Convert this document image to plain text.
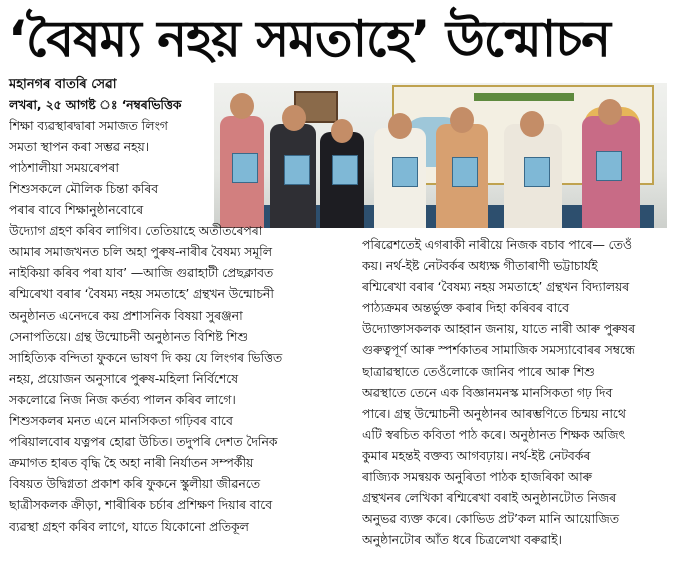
‘বৈষম্য নহয় সমতাহে’ উন্মোচন
মহানগৰ বাতৰি সেৱা
লখৰা, ২৫ আগষ্ট ঃ ‘নম্বৰভিত্তিক
শিক্ষা ব্যৱস্থাৰদ্বাৰা সমাজত লিংগ
সমতা স্থাপন কৰা সম্ভৱ নহয়।
পাঠশালীয়া সময়ৰেপৰা
শিশুসকলে মৌলিক চিন্তা কৰিব
পৰাৰ বাবে শিক্ষানুষ্ঠানবোৰে
উদ্যোগ গ্ৰহণ কৰিব লাগিব। তেতিয়াহে অতীতৰেপৰা
আমাৰ সমাজখনত চলি অহা পুৰুষ-নাৰীৰ বৈষম্য সমূলি
নাইকিয়া কৰিব পৰা যাব’ —আজি গুৱাহাটী প্ৰেছক্লাবত
ৰশ্মিৰেখা বৰাৰ ‘বৈষম্য নহয় সমতাহে’ গ্ৰন্থখন উন্মোচনী
অনুষ্ঠানত এনেদৰে কয় প্ৰশাসনিক বিষয়া সুৰঞ্জনা
সেনাপতিয়ে। গ্ৰন্থ উন্মোচনী অনুষ্ঠানত বিশিষ্ট শিশু
সাহিত্যিক বন্দিতা ফুকনে ভাষণ দি কয় যে লিংগৰ ভিত্তিত
নহয়, প্ৰয়োজন অনুসাৰে পুৰুষ-মহিলা নিৰ্বিশেষে
সকলোৱে নিজ নিজ কৰ্তব্য পালন কৰিব লাগে।
শিশুসকলৰ মনত এনে মানসিকতা গঢ়িবৰ বাবে
পৰিয়ালবোৰ যত্নপৰ হোৱা উচিত। তদুপৰি দেশত দৈনিক
ক্ৰমাগত হাৰত বৃদ্ধি হৈ অহা নাৰী নিৰ্যাতন সম্পৰ্কীয়
বিষয়ত উদ্বিগ্নতা প্ৰকাশ কৰি ফুকনে স্কুলীয়া জীৱনতে
ছাত্ৰীসকলক ক্ৰীড়া, শাৰীৰিক চৰ্চাৰ প্ৰশিক্ষণ দিয়াৰ বাবে
ব্যৱস্থা গ্ৰহণ কৰিব লাগে, যাতে যিকোনো প্ৰতিকূল
পৰিৱেশতেই এগৰাকী নাৰীয়ে নিজক বচাব পাৰে— তেওঁ
কয়। নৰ্থ-ইষ্ট নেটবৰ্কৰ অধ্যক্ষ গীতাৰাণী ভট্টাচাৰ্যই
ৰশ্মিৰেখা বৰাৰ ‘বৈষম্য নহয় সমতাহে’ গ্ৰন্থখন বিদ্যালয়ৰ
পাঠ্যক্ৰমৰ অন্তৰ্ভুক্ত কৰাৰ দিহা কৰিবৰ বাবে
উদ্যোক্তাসকলক আহ্বান জনায়, যাতে নাৰী আৰু পুৰুষৰ
গুৰুত্বপূৰ্ণ আৰু স্পৰ্শকাতৰ সামাজিক সমস্যাবোৰৰ সম্বন্ধে
ছাত্ৰাৱস্থাতে তেওঁলোকে জানিব পাৰে আৰু শিশু
অৱস্থাতে তেনে এক বিজ্ঞানমনস্ক মানসিকতা গঢ় দিব
পাৰে। গ্ৰন্থ উন্মোচনী অনুষ্ঠানৰ আৰম্ভণিতে চিন্ময় নাথে
এটি স্বৰচিত কবিতা পাঠ কৰে। অনুষ্ঠানত শিক্ষক অজিৎ
কুমাৰ মহন্তই বক্তব্য আগবঢ়ায়। নৰ্থ-ইষ্ট নেটবৰ্কৰ
ৰাজ্যিক সমন্বয়ক অনুৰিতা পাঠক হাজৰিকা আৰু
গ্ৰন্থখনৰ লেখিকা ৰশ্মিৰেখা বৰাই অনুষ্ঠানটোত নিজৰ
অনুভৱ ব্যক্ত কৰে। কোভিড প্ৰট’কল মানি আয়োজিত
অনুষ্ঠানটোৰ আঁত ধৰে চিত্ৰলেখা বৰুৱাই।
